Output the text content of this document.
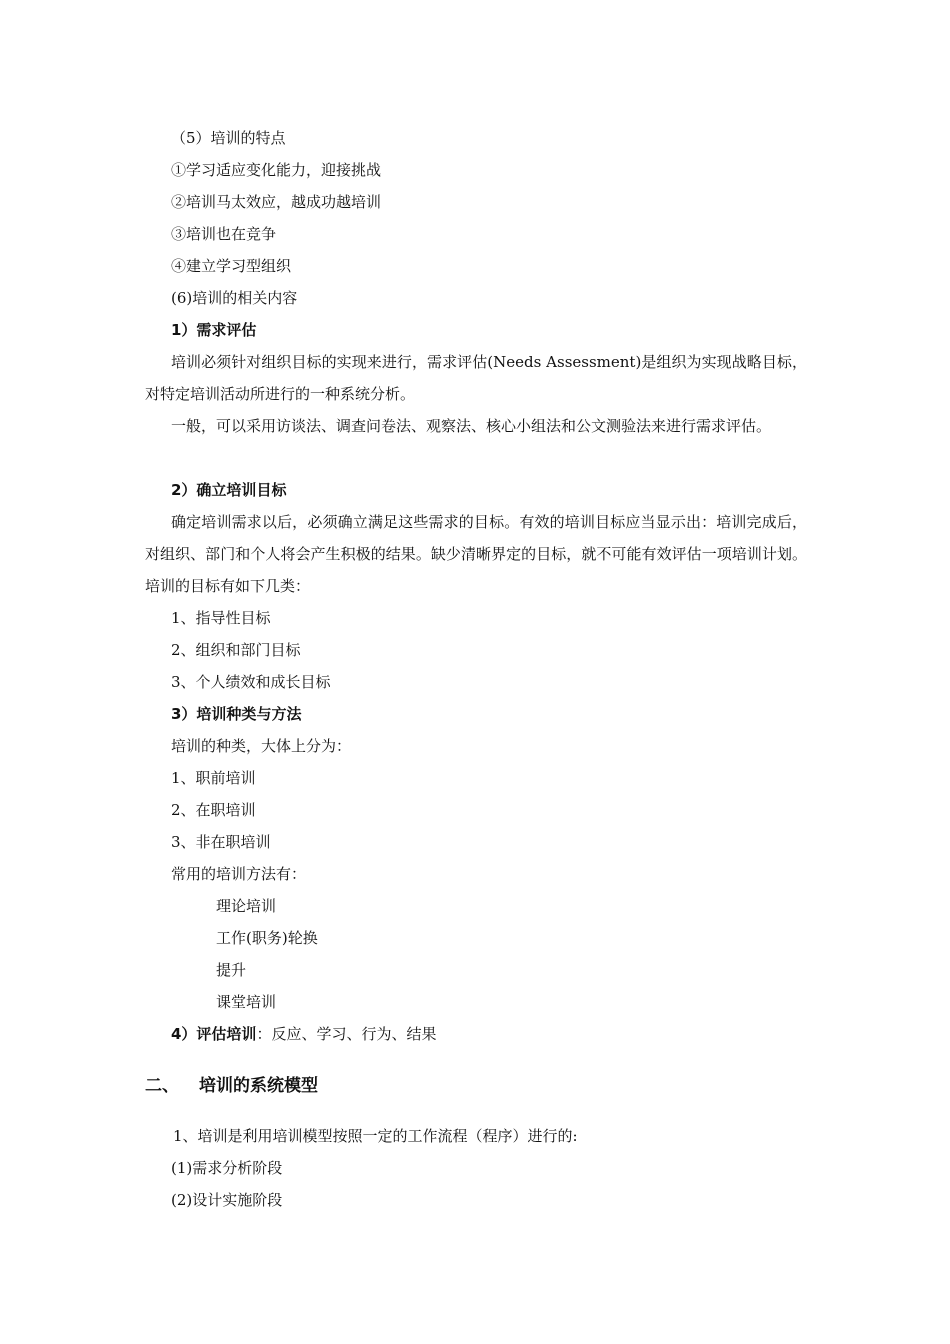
（5）培训的特点

①学习适应变化能力，迎接挑战

②培训马太效应，越成功越培训

③培训也在竞争

④建立学习型组织

(6)培训的相关内容

1）需求评估

培训必须针对组织目标的实现来进行，需求评估(Needs Assessment)是组织为实现战略目标，对特定培训活动所进行的一种系统分析。

一般，可以采用访谈法、调查问卷法、观察法、核心小组法和公文测验法来进行需求评估。

2）确立培训目标

确定培训需求以后，必须确立满足这些需求的目标。有效的培训目标应当显示出：培训完成后，对组织、部门和个人将会产生积极的结果。缺少清晰界定的目标，就不可能有效评估一项培训计划。培训的目标有如下几类：

1、指导性目标

2、组织和部门目标

3、个人绩效和成长目标

3）培训种类与方法

培训的种类，大体上分为：

1、职前培训

2、在职培训

3、非在职培训

常用的培训方法有：

理论培训

工作(职务)轮换

提升

课堂培训

4）评估培训：反应、学习、行为、结果

二、 培训的系统模型

1、培训是利用培训模型按照一定的工作流程（程序）进行的:

(1)需求分析阶段

(2)设计实施阶段
